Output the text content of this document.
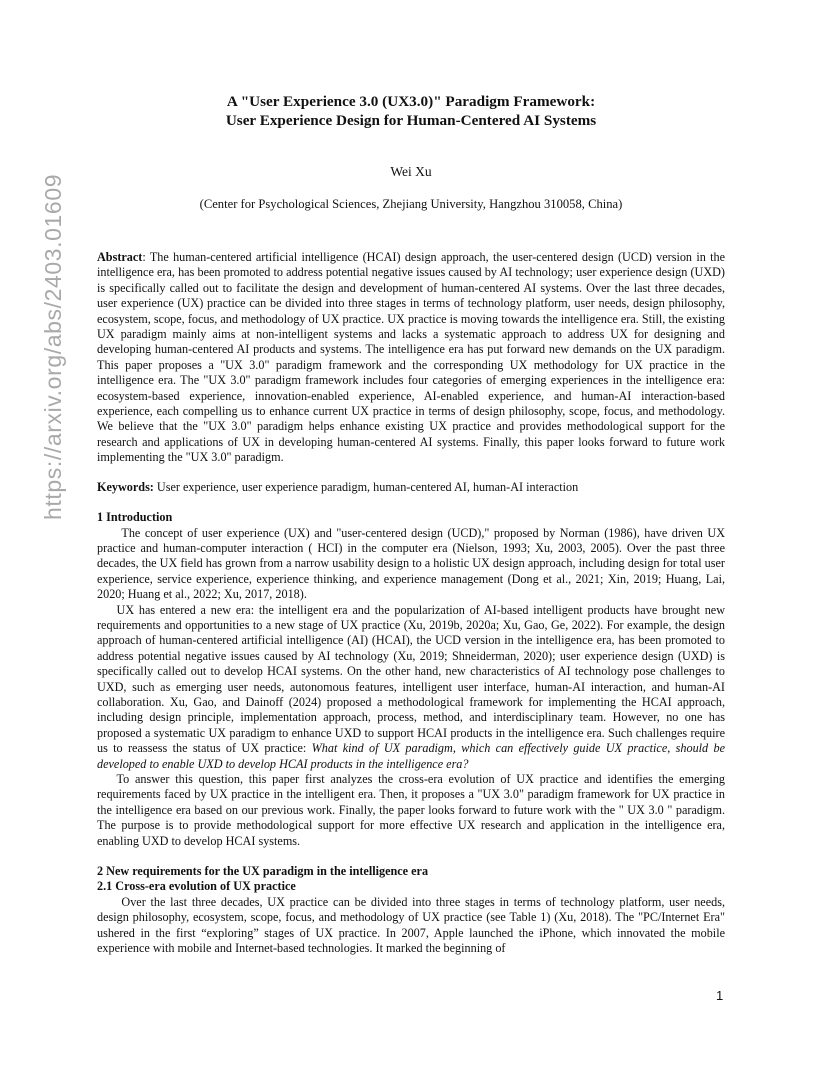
https://arxiv.org/abs/2403.01609
A "User Experience 3.0 (UX3.0)" Paradigm Framework:
User Experience Design for Human-Centered AI Systems
Wei Xu
(Center for Psychological Sciences, Zhejiang University, Hangzhou 310058, China)

Abstract: The human-centered artificial intelligence (HCAI) design approach, the user-centered design (UCD) version in the intelligence era, has been promoted to address potential negative issues caused by AI technology; user experience design (UXD) is specifically called out to facilitate the design and development of human-centered AI systems. Over the last three decades, user experience (UX) practice can be divided into three stages in terms of technology platform, user needs, design philosophy, ecosystem, scope, focus, and methodology of UX practice. UX practice is moving towards the intelligence era. Still, the existing UX paradigm mainly aims at non-intelligent systems and lacks a systematic approach to address UX for designing and developing human-centered AI products and systems. The intelligence era has put forward new demands on the UX paradigm. This paper proposes a "UX 3.0" paradigm framework and the corresponding UX methodology for UX practice in the intelligence era. The "UX 3.0" paradigm framework includes four categories of emerging experiences in the intelligence era: ecosystem-based experience, innovation-enabled experience, AI-enabled experience, and human-AI interaction-based experience, each compelling us to enhance current UX practice in terms of design philosophy, scope, focus, and methodology. We believe that the "UX 3.0" paradigm helps enhance existing UX practice and provides methodological support for the research and applications of UX in developing human-centered AI systems. Finally, this paper looks forward to future work implementing the "UX 3.0" paradigm.

Keywords: User experience, user experience paradigm, human-centered AI, human-AI interaction

1 Introduction

The concept of user experience (UX) and "user-centered design (UCD)," proposed by Norman (1986), have driven UX practice and human-computer interaction ( HCI) in the computer era (Nielson, 1993; Xu, 2003, 2005). Over the past three decades, the UX field has grown from a narrow usability design to a holistic UX design approach, including design for total user experience, service experience, experience thinking, and experience management (Dong et al., 2021; Xin, 2019; Huang, Lai, 2020; Huang et al., 2022; Xu, 2017, 2018).

UX has entered a new era: the intelligent era and the popularization of AI-based intelligent products have brought new requirements and opportunities to a new stage of UX practice (Xu, 2019b, 2020a; Xu, Gao, Ge, 2022). For example, the design approach of human-centered artificial intelligence (AI) (HCAI), the UCD version in the intelligence era, has been promoted to address potential negative issues caused by AI technology (Xu, 2019; Shneiderman, 2020); user experience design (UXD) is specifically called out to develop HCAI systems. On the other hand, new characteristics of AI technology pose challenges to UXD, such as emerging user needs, autonomous features, intelligent user interface, human-AI interaction, and human-AI collaboration. Xu, Gao, and Dainoff (2024) proposed a methodological framework for implementing the HCAI approach, including design principle, implementation approach, process, method, and interdisciplinary team. However, no one has proposed a systematic UX paradigm to enhance UXD to support HCAI products in the intelligence era. Such challenges require us to reassess the status of UX practice: What kind of UX paradigm, which can effectively guide UX practice, should be developed to enable UXD to develop HCAI products in the intelligence era?

To answer this question, this paper first analyzes the cross-era evolution of UX practice and identifies the emerging requirements faced by UX practice in the intelligent era. Then, it proposes a "UX 3.0" paradigm framework for UX practice in the intelligence era based on our previous work. Finally, the paper looks forward to future work with the " UX 3.0 " paradigm. The purpose is to provide methodological support for more effective UX research and application in the intelligence era, enabling UXD to develop HCAI systems.

2 New requirements for the UX paradigm in the intelligence era
2.1 Cross-era evolution of UX practice

Over the last three decades, UX practice can be divided into three stages in terms of technology platform, user needs, design philosophy, ecosystem, scope, focus, and methodology of UX practice (see Table 1) (Xu, 2018). The "PC/Internet Era" ushered in the first “exploring” stages of UX practice. In 2007, Apple launched the iPhone, which innovated the mobile experience with mobile and Internet-based technologies. It marked the beginning of

1
